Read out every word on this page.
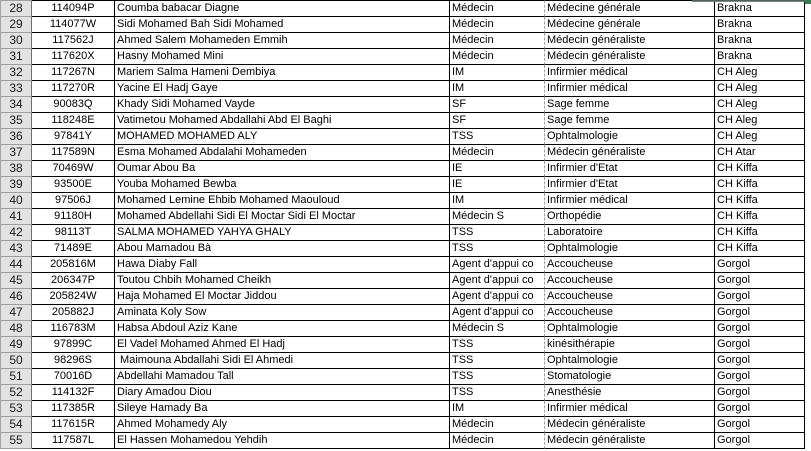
28	114094P	Coumba babacar Diagne	Médecin	Médecine générale	Brakna
29	114077W	Sidi Mohamed Bah Sidi Mohamed	Médecin	Médecine générale	Brakna
30	117562J	Ahmed Salem Mohameden Emmih	Médecin	Médecin généraliste	Brakna
31	117620X	Hasny Mohamed Mini	Médecin	Médecin généraliste	Brakna
32	117267N	Mariem Salma Hameni Dembiya	IM	Infirmier médical	CH Aleg
33	117270R	Yacine El Hadj Gaye	IM	Infirmier médical	CH Aleg
34	90083Q	Khady Sidi Mohamed Vayde	SF	Sage femme	CH Aleg
35	118248E	Vatimetou Mohamed Abdallahi Abd El Baghi	SF	Sage femme	CH Aleg
36	97841Y	MOHAMED MOHAMED ALY	TSS	Ophtalmologie	CH Aleg
37	117589N	Esma Mohamed Abdalahi Mohameden	Médecin	Médecin généraliste	CH Atar
38	70469W	Oumar Abou Ba	IE	Infirmier d'Etat	CH Kiffa
39	93500E	Youba Mohamed Bewba	IE	Infirmier d'Etat	CH Kiffa
40	97506J	Mohamed Lemine Ehbib Mohamed Maouloud	IM	Infirmier médical	CH Kiffa
41	91180H	Mohamed Abdellahi Sidi El Moctar Sidi El Moctar	Médecin S	Orthopédie	CH Kiffa
42	98113T	SALMA MOHAMED YAHYA GHALY	TSS	Laboratoire	CH Kiffa
43	71489E	Abou Mamadou Bà	TSS	Ophtalmologie	CH Kiffa
44	205816M	Hawa Diaby Fall	Agent d'appui co	Accoucheuse	Gorgol
45	206347P	Toutou Chbih Mohamed Cheikh	Agent d'appui co	Accoucheuse	Gorgol
46	205824W	Haja Mohamed El Moctar Jiddou	Agent d'appui co	Accoucheuse	Gorgol
47	205882J	Aminata Koly Sow	Agent d'appui co	Accoucheuse	Gorgol
48	116783M	Habsa Abdoul Aziz Kane	Médecin S	Ophtalmologie	Gorgol
49	97899C	El Vadel Mohamed Ahmed El Hadj	TSS	kinésithérapie	Gorgol
50	98296S	Maimouna Abdallahi Sidi El Ahmedi	TSS	Ophtalmologie	Gorgol
51	70016D	Abdellahi Mamadou Tall	TSS	Stomatologie	Gorgol
52	114132F	Diary Amadou Diou	TSS	Anesthésie	Gorgol
53	117385R	Sileye Hamady Ba	IM	Infirmier médical	Gorgol
54	117615R	Ahmed Mohamedy Aly	Médecin	Médecin généraliste	Gorgol
55	117587L	El Hassen Mohamedou Yehdih	Médecin	Médecin généraliste	Gorgol
